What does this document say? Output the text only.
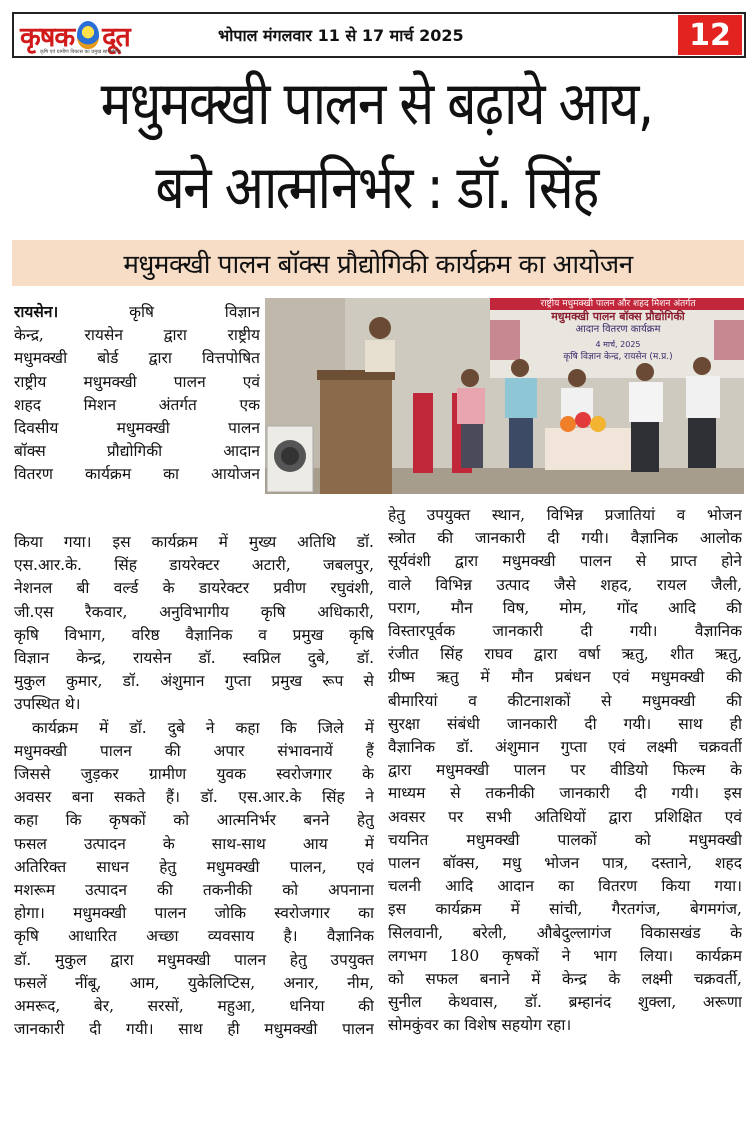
कृषक दूत
कृषि एवं ग्रामीण विकास का प्रमुख साप्ताहिक
भोपाल मंगलवार 11 से 17 मार्च 2025	12
मधुमक्खी पालन से बढ़ाये आय,
बने आत्मनिर्भर : डॉ. सिंह
मधुमक्खी पालन बॉक्स प्रौद्योगिकी कार्यक्रम का आयोजन
राष्ट्रीय मधुमक्खी पालन और शहद मिशन अंतर्गत
मधुमक्खी पालन बॉक्स प्रौद्योगिकी
आदान वितरण कार्यक्रम
4 मार्च, 2025
कृषि विज्ञान केन्द्र, रायसेन (म.प्र.)

रायसेन।	कृषि विज्ञान

केन्द्र, रायसेन द्वारा राष्ट्रीय

मधुमक्खी बोर्ड द्वारा वित्तपोषित

राष्ट्रीय मधुमक्खी पालन एवं

शहद मिशन अंतर्गत एक

दिवसीय मधुमक्खी पालन

बॉक्स प्रौद्योगिकी आदान

वितरण कार्यक्रम का आयोजन

किया गया। इस कार्यक्रम में मुख्य अतिथि डॉ.

एस.आर.के. सिंह डायरेक्टर अटारी, जबलपुर,

नेशनल बी वर्ल्ड के डायरेक्टर प्रवीण रघुवंशी,

जी.एस रैकवार, अनुविभागीय कृषि अधिकारी,

कृषि विभाग, वरिष्ठ वैज्ञानिक व प्रमुख कृषि

विज्ञान केन्द्र, रायसेन डॉ. स्वप्निल दुबे, डॉ.

मुकुल कुमार, डॉ. अंशुमान गुप्ता प्रमुख रूप से

उपस्थित थे।

कार्यक्रम में डॉ. दुबे ने कहा कि जिले में

मधुमक्खी पालन की अपार संभावनायें हैं

जिससे जुड़कर ग्रामीण युवक स्वरोजगार के

अवसर बना सकते हैं। डॉ. एस.आर.के सिंह ने

कहा कि कृषकों को आत्मनिर्भर बनने हेतु

फसल उत्पादन के साथ-साथ आय में

अतिरिक्त साधन हेतु मधुमक्खी पालन, एवं

मशरूम उत्पादन की तकनीकी को अपनाना

होगा। मधुमक्खी पालन जोकि स्वरोजगार का

कृषि आधारित अच्छा व्यवसाय है। वैज्ञानिक

डॉ. मुकुल द्वारा मधुमक्खी पालन हेतु उपयुक्त

फसलें नींबू, आम, युकेलिप्टिस, अनार, नीम,

अमरूद, बेर, सरसों, महुआ, धनिया की

जानकारी दी गयी। साथ ही मधुमक्खी पालन

हेतु उपयुक्त स्थान, विभिन्न प्रजातियां व भोजन

स्त्रोत की जानकारी दी गयी। वैज्ञानिक आलोक

सूर्यवंशी द्वारा मधुमक्खी पालन से प्राप्त होने

वाले विभिन्न उत्पाद जैसे शहद, रायल जैली,

पराग, मौन विष, मोम, गोंद आदि की

विस्तारपूर्वक जानकारी दी गयी। वैज्ञानिक

रंजीत सिंह राघव द्वारा वर्षा ऋतु, शीत ऋतु,

ग्रीष्म ऋतु में मौन प्रबंधन एवं मधुमक्खी की

बीमारियां व कीटनाशकों से मधुमक्खी की

सुरक्षा संबंधी जानकारी दी गयी। साथ ही

वैज्ञानिक डॉ. अंशुमान गुप्ता एवं लक्ष्मी चक्रवर्ती

द्वारा मधुमक्खी पालन पर वीडियो फिल्म के

माध्यम से तकनीकी जानकारी दी गयी। इस

अवसर पर सभी अतिथियों द्वारा प्रशिक्षित एवं

चयनित मधुमक्खी पालकों को मधुमक्खी

पालन बॉक्स, मधु भोजन पात्र, दस्ताने, शहद

चलनी आदि आदान का वितरण किया गया।

इस कार्यक्रम में सांची, गैरतगंज, बेगमगंज,

सिलवानी, बरेली, औबेदुल्लागंज विकासखंड के

लगभग 180 कृषकों ने भाग लिया। कार्यक्रम

को सफल बनाने में केन्द्र के लक्ष्मी चक्रवर्ती,

सुनील केथवास, डॉ. ब्रम्हानंद शुक्ला, अरूणा

सोमकुंवर का विशेष सहयोग रहा।
